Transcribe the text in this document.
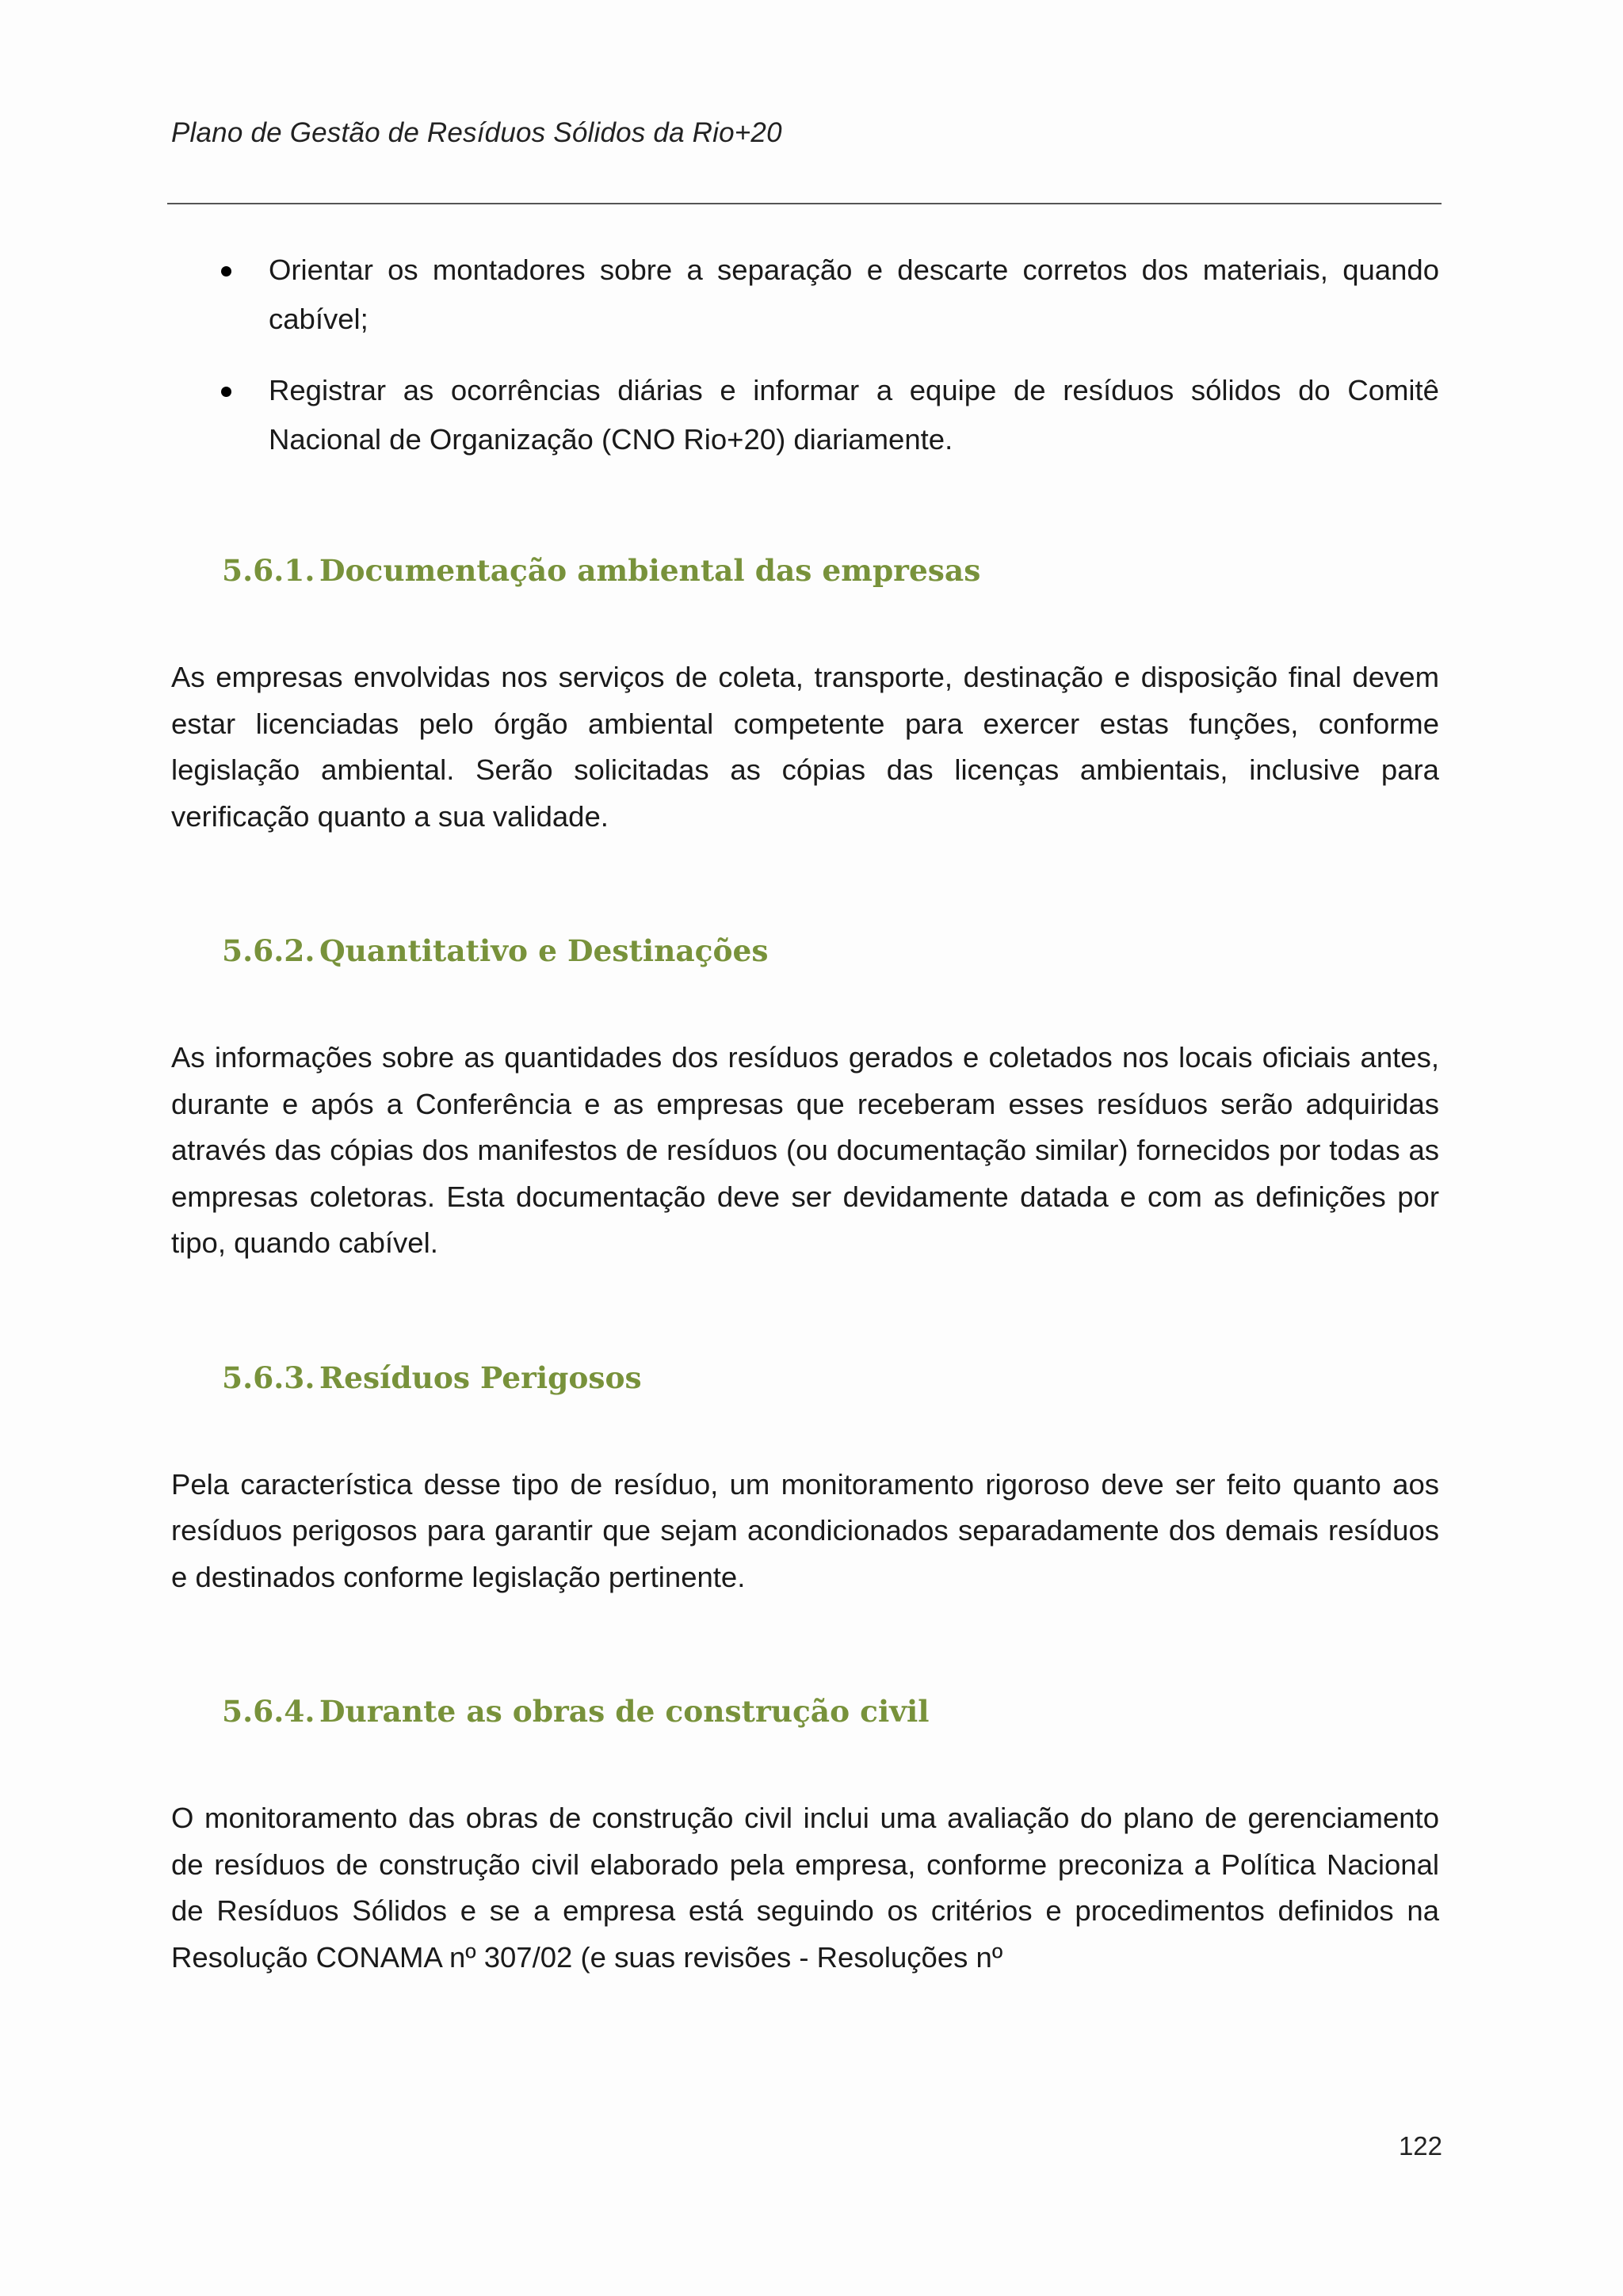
Plano de Gestão de Resíduos Sólidos da Rio+20
Orientar os montadores sobre a separação e descarte corretos dos materiais, quando cabível;
Registrar as ocorrências diárias e informar a equipe de resíduos sólidos do Comitê Nacional de Organização (CNO Rio+20) diariamente.
5.6.1. Documentação ambiental das empresas

As empresas envolvidas nos serviços de coleta, transporte, destinação e disposição final devem estar licenciadas pelo órgão ambiental competente para exercer estas funções, conforme legislação ambiental. Serão solicitadas as cópias das licenças ambientais, inclusive para verificação quanto a sua validade.

5.6.2. Quantitativo e Destinações

As informações sobre as quantidades dos resíduos gerados e coletados nos locais oficiais antes, durante e após a Conferência e as empresas que receberam esses resíduos serão adquiridas através das cópias dos manifestos de resíduos (ou documentação similar) fornecidos por todas as empresas coletoras. Esta documentação deve ser devidamente datada e com as definições por tipo, quando cabível.

5.6.3. Resíduos Perigosos

Pela característica desse tipo de resíduo, um monitoramento rigoroso deve ser feito quanto aos resíduos perigosos para garantir que sejam acondicionados separadamente dos demais resíduos e destinados conforme legislação pertinente.

5.6.4. Durante as obras de construção civil

O monitoramento das obras de construção civil inclui uma avaliação do plano de gerenciamento de resíduos de construção civil elaborado pela empresa, conforme preconiza a Política Nacional de Resíduos Sólidos e se a empresa está seguindo os critérios e procedimentos definidos na Resolução CONAMA nº 307/02 (e suas revisões - Resoluções nº

122
